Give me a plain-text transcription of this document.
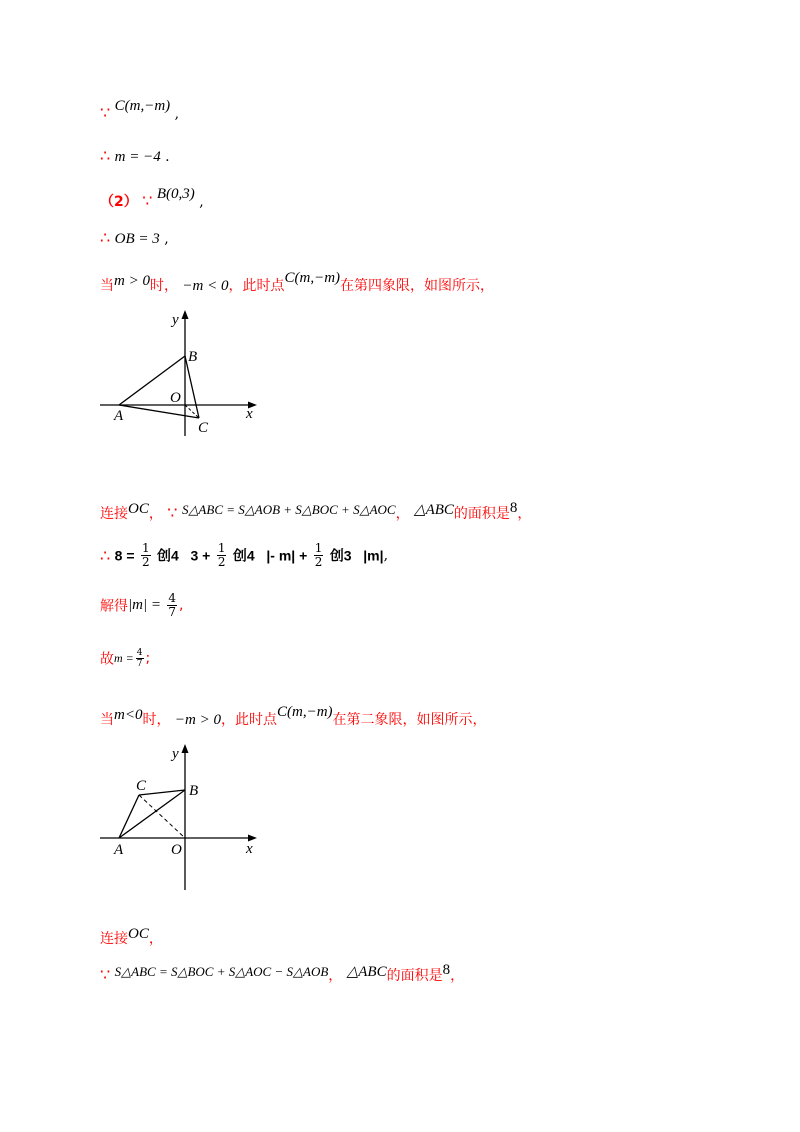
∵ C(m,−m) ,
∴ m = −4 .
（2） ∵ B(0,3) ,
∴ OB = 3 ,
当m > 0时， −m < 0，此时点C(m,−m)在第四象限，如图所示，
y
B
O
x
A
C
连接OC， ∵ S△ABC = S△AOB + S△BOC + S△AOC， △ABC的面积是8，
∴ $8 = \frac{1}{2}$ 创4   $3 + \frac{1}{2}$ 创4   |- $m| + \frac{1}{2}$ 创3   |m|,
解得$|m| = \frac{4}{7}$ ,
故$m = \frac{4}{7}$ ;
当m<0时， −m > 0，此时点C(m,−m)在第二象限，如图所示，
y
C	B
x
A	O
连接OC，
∵ S△ABC = S△BOC + S△AOC − S△AOB， △ABC的面积是8，
